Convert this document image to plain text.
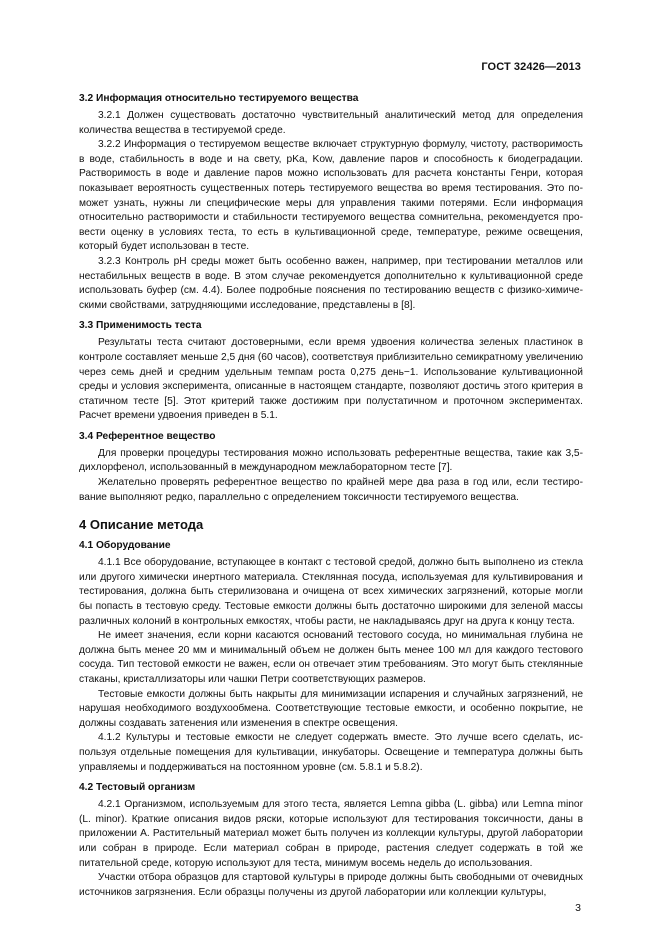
ГОСТ 32426—2013
3.2 Информация относительно тестируемого вещества

3.2.1 Должен существовать достаточно чувствительный аналитический метод для определения количества вещества в тестируемой среде.

3.2.2 Информация о тестируемом веществе включает структурную формулу, чистоту, растворимость в воде, стабильность в воде и на свету, pKa, Kow, давление паров и способность к биодеградации. Растворимость в воде и давление паров можно использовать для расчета константы Генри, которая показывает вероятность существенных потерь тестируемого вещества во время тестирования. Это поможет узнать, нужны ли специфические меры для управления такими потерями. Если информация относительно растворимости и стабильности тестируемого вещества сомнительна, рекомендуется провести оценку в условиях теста, то есть в культивационной среде, температуре, режиме освещения, который будет использован в тесте.

3.2.3 Контроль pH среды может быть особенно важен, например, при тестировании металлов или нестабильных веществ в воде. В этом случае рекомендуется дополнительно к культивационной среде использовать буфер (см. 4.4). Более подробные пояснения по тестированию веществ с физико-химическими свойствами, затрудняющими исследование, представлены в [8].

3.3 Применимость теста

Результаты теста считают достоверными, если время удвоения количества зеленых пластинок в контроле составляет меньше 2,5 дня (60 часов), соответствуя приблизительно семикратному увеличению через семь дней и средним удельным темпам роста 0,275 день−1. Использование культивационной среды и условия эксперимента, описанные в настоящем стандарте, позволяют достичь этого критерия в статичном тесте [5]. Этот критерий также достижим при полустатичном и проточном экспериментах. Расчет времени удвоения приведен в 5.1.

3.4 Референтное вещество

Для проверки процедуры тестирования можно использовать референтные вещества, такие как 3,5-дихлорфенол, использованный в международном межлабораторном тесте [7].

Желательно проверять референтное вещество по крайней мере два раза в год или, если тестирование выполняют редко, параллельно с определением токсичности тестируемого вещества.

4 Описание метода
4.1 Оборудование

4.1.1 Все оборудование, вступающее в контакт с тестовой средой, должно быть выполнено из стекла или другого химически инертного материала. Стеклянная посуда, используемая для культивирования и тестирования, должна быть стерилизована и очищена от всех химических загрязнений, которые могли бы попасть в тестовую среду. Тестовые емкости должны быть достаточно широкими для зеленой массы различных колоний в контрольных емкостях, чтобы расти, не накладываясь друг на друга к концу теста.

Не имеет значения, если корни касаются оснований тестового сосуда, но минимальная глубина не должна быть менее 20 мм и минимальный объем не должен быть менее 100 мл для каждого тестового сосуда. Тип тестовой емкости не важен, если он отвечает этим требованиям. Это могут быть стеклянные стаканы, кристаллизаторы или чашки Петри соответствующих размеров.

Тестовые емкости должны быть накрыты для минимизации испарения и случайных загрязнений, не нарушая необходимого воздухообмена. Соответствующие тестовые емкости, и особенно покрытие, не должны создавать затенения или изменения в спектре освещения.

4.1.2 Культуры и тестовые емкости не следует содержать вместе. Это лучше всего сделать, используя отдельные помещения для культивации, инкубаторы. Освещение и температура должны быть управляемы и поддерживаться на постоянном уровне (см. 5.8.1 и 5.8.2).

4.2 Тестовый организм

4.2.1 Организмом, используемым для этого теста, является Lemna gibba (L. gibba) или Lemna minor (L. minor). Краткие описания видов ряски, которые используют для тестирования токсичности, даны в приложении А. Растительный материал может быть получен из коллекции культуры, другой лаборатории или собран в природе. Если материал собран в природе, растения следует содержать в той же питательной среде, которую используют для теста, минимум восемь недель до использования.

Участки отбора образцов для стартовой культуры в природе должны быть свободными от очевидных источников загрязнения. Если образцы получены из другой лаборатории или коллекции культуры,

3
